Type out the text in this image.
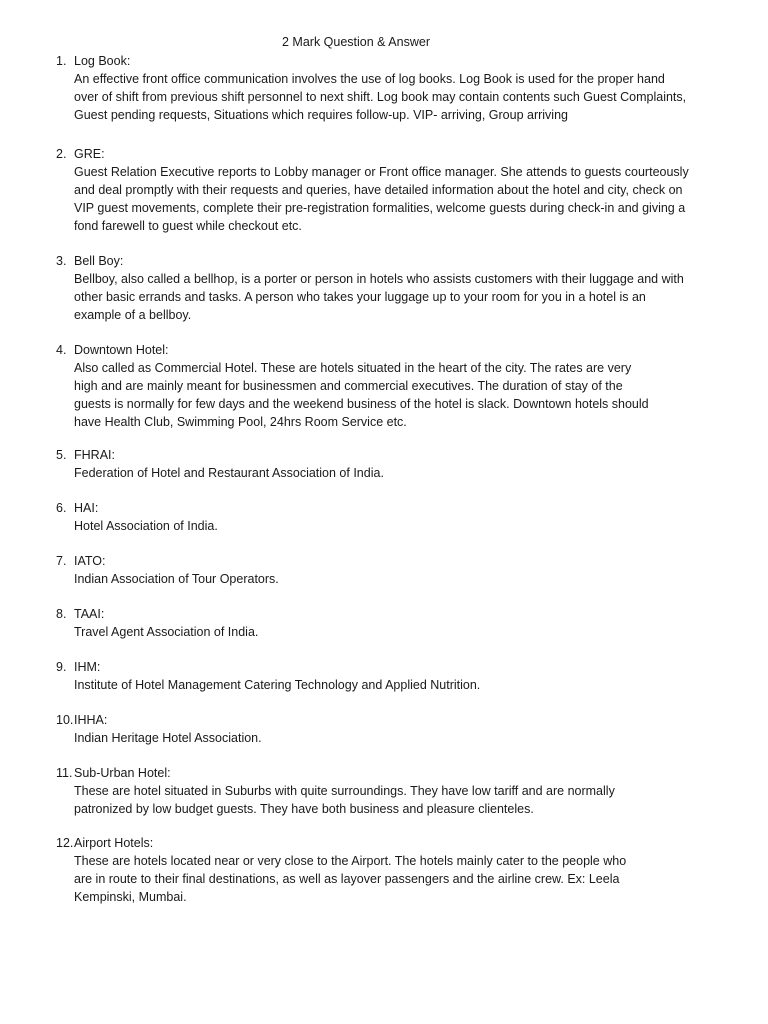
2 Mark Question & Answer
1. Log Book:
An effective front office communication involves the use of log books. Log Book is used for the proper hand
over of shift from previous shift personnel to next shift. Log book may contain contents such Guest Complaints,
Guest pending requests, Situations which requires follow-up. VIP- arriving, Group arriving
2. GRE:
Guest Relation Executive reports to Lobby manager or Front office manager. She attends to guests courteously
and deal promptly with their requests and queries, have detailed information about the hotel and city, check on
VIP guest movements, complete their pre-registration formalities, welcome guests during check-in and giving a
fond farewell to guest while checkout etc.
3. Bell Boy:
Bellboy, also called a bellhop, is a porter or person in hotels who assists customers with their luggage and with
other basic errands and tasks. A person who takes your luggage up to your room for you in a hotel is an
example of a bellboy.
4. Downtown Hotel:
Also called as Commercial Hotel. These are hotels situated in the heart of the city. The rates are very
high and are mainly meant for businessmen and commercial executives. The duration of stay of the
guests is normally for few days and the weekend business of the hotel is slack. Downtown hotels should
have Health Club, Swimming Pool, 24hrs Room Service etc.
5. FHRAI:
Federation of Hotel and Restaurant Association of India.
6. HAI:
Hotel Association of India.
7. IATO:
Indian Association of Tour Operators.
8. TAAI:
Travel Agent Association of India.
9. IHM:
Institute of Hotel Management Catering Technology and Applied Nutrition.
10.IHHA:
Indian Heritage Hotel Association.
11. Sub-Urban Hotel:
These are hotel situated in Suburbs with quite surroundings. They have low tariff and are normally
patronized by low budget guests. They have both business and pleasure clienteles.
12.Airport Hotels:
These are hotels located near or very close to the Airport. The hotels mainly cater to the people who
are in route to their final destinations, as well as layover passengers and the airline crew. Ex: Leela
Kempinski, Mumbai.
